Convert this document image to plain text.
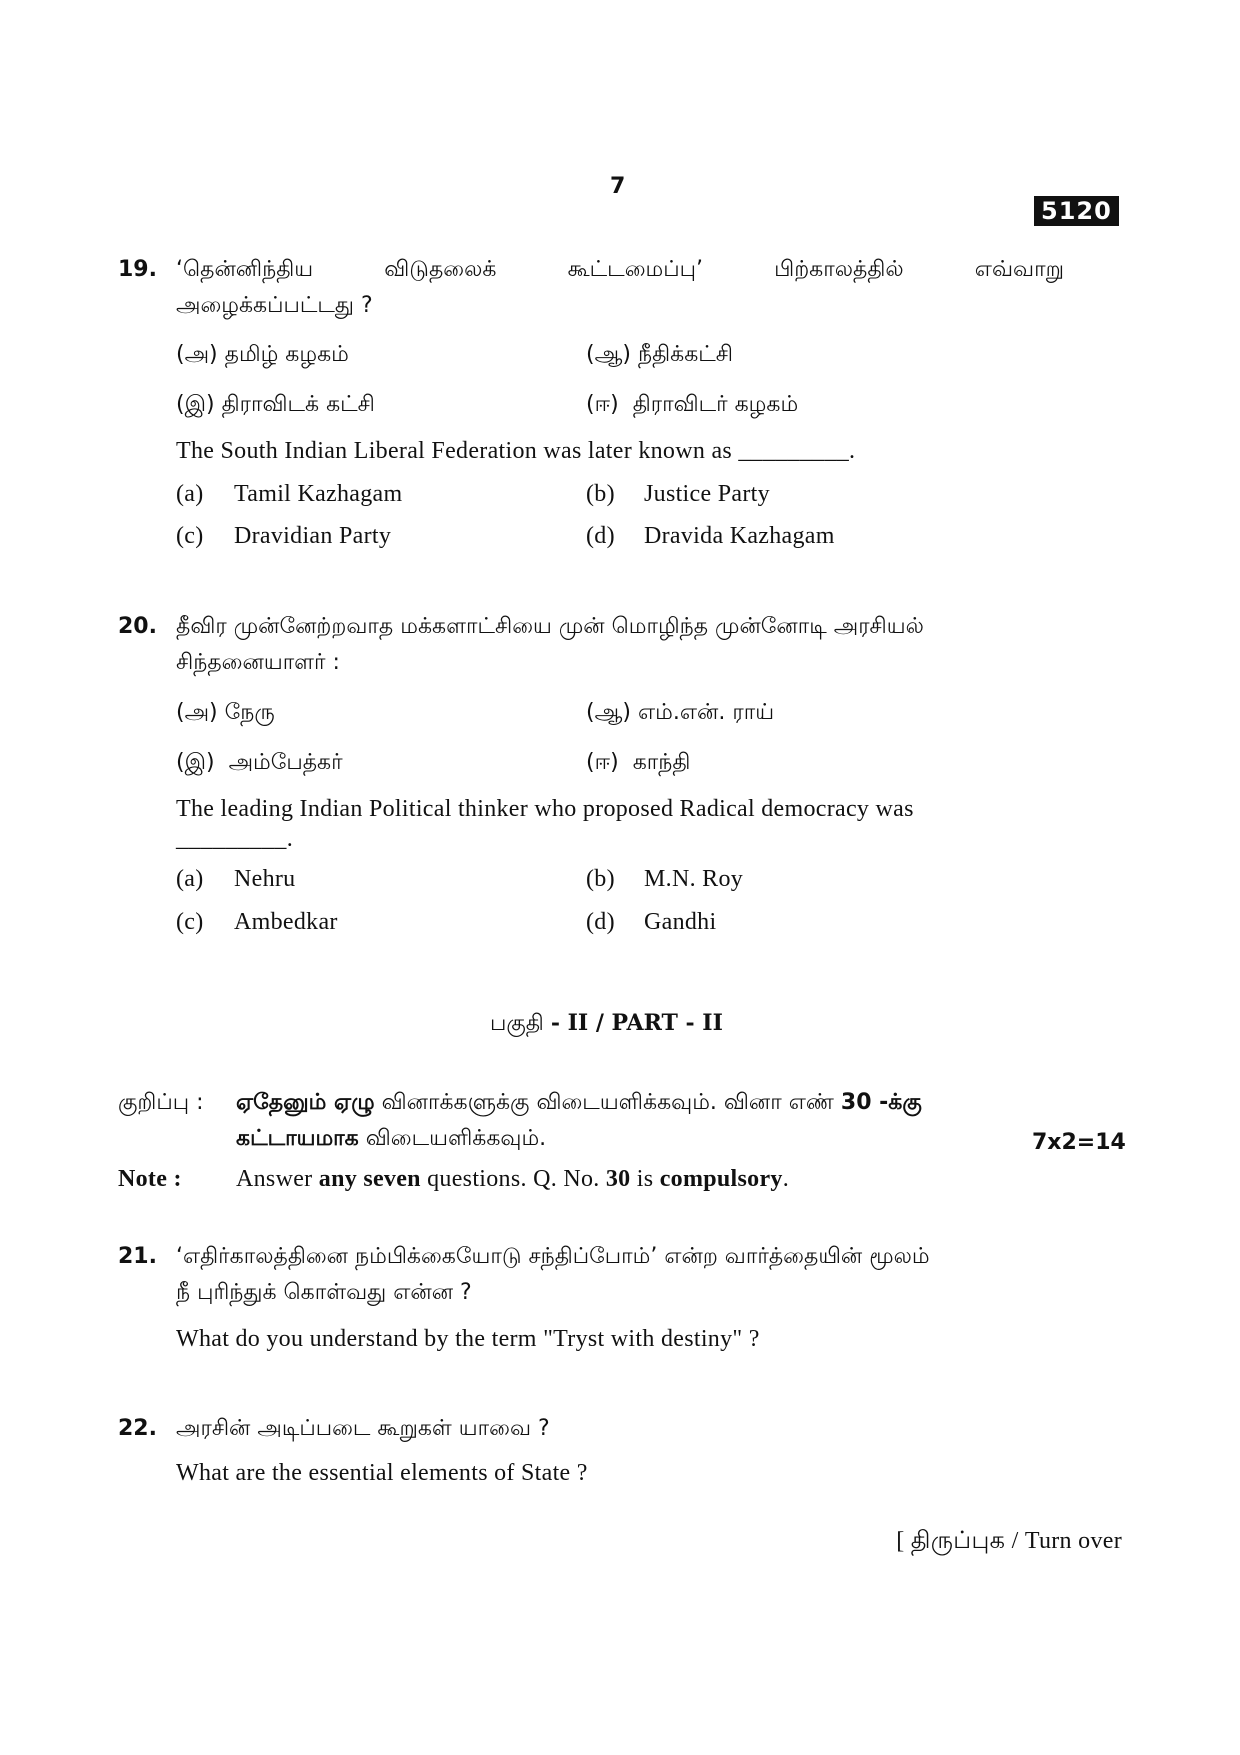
7
5120
19. ‘தென்னிந்திய	விடுதலைக்	கூட்டமைப்பு’	பிற்காலத்தில்	எவ்வாறு
அழைக்கப்பட்டது ?
(அ) தமிழ் கழகம்	(ஆ) நீதிக்கட்சி
(இ) திராவிடக் கட்சி	(ஈ) திராவிடர் கழகம்
The South Indian Liberal Federation was later known as _________.
(a) Tamil Kazhagam	(b) Justice Party
(c) Dravidian Party	(d) Dravida Kazhagam
20. தீவிர முன்னேற்றவாத மக்களாட்சியை முன் மொழிந்த முன்னோடி அரசியல்
சிந்தனையாளர் :
(அ) நேரு	(ஆ) எம்.என். ராய்
(இ) அம்பேத்கர்	(ஈ) காந்தி
The leading Indian Political thinker who proposed Radical democracy was
_________.
(a) Nehru	(b) M.N. Roy
(c) Ambedkar	(d) Gandhi
பகுதி - II / PART - II
குறிப்பு : ஏதேனும் ஏழு வினாக்களுக்கு விடையளிக்கவும். வினா எண் 30 -க்கு
கட்டாயமாக விடையளிக்கவும்.	7x2=14
Note : Answer any seven questions. Q. No. 30 is compulsory.
21. ‘எதிர்காலத்தினை நம்பிக்கையோடு சந்திப்போம்’ என்ற வார்த்தையின் மூலம்
நீ புரிந்துக் கொள்வது என்ன ?
What do you understand by the term "Tryst with destiny" ?
22. அரசின் அடிப்படை கூறுகள் யாவை ?
What are the essential elements of State ?
[ திருப்புக / Turn over
